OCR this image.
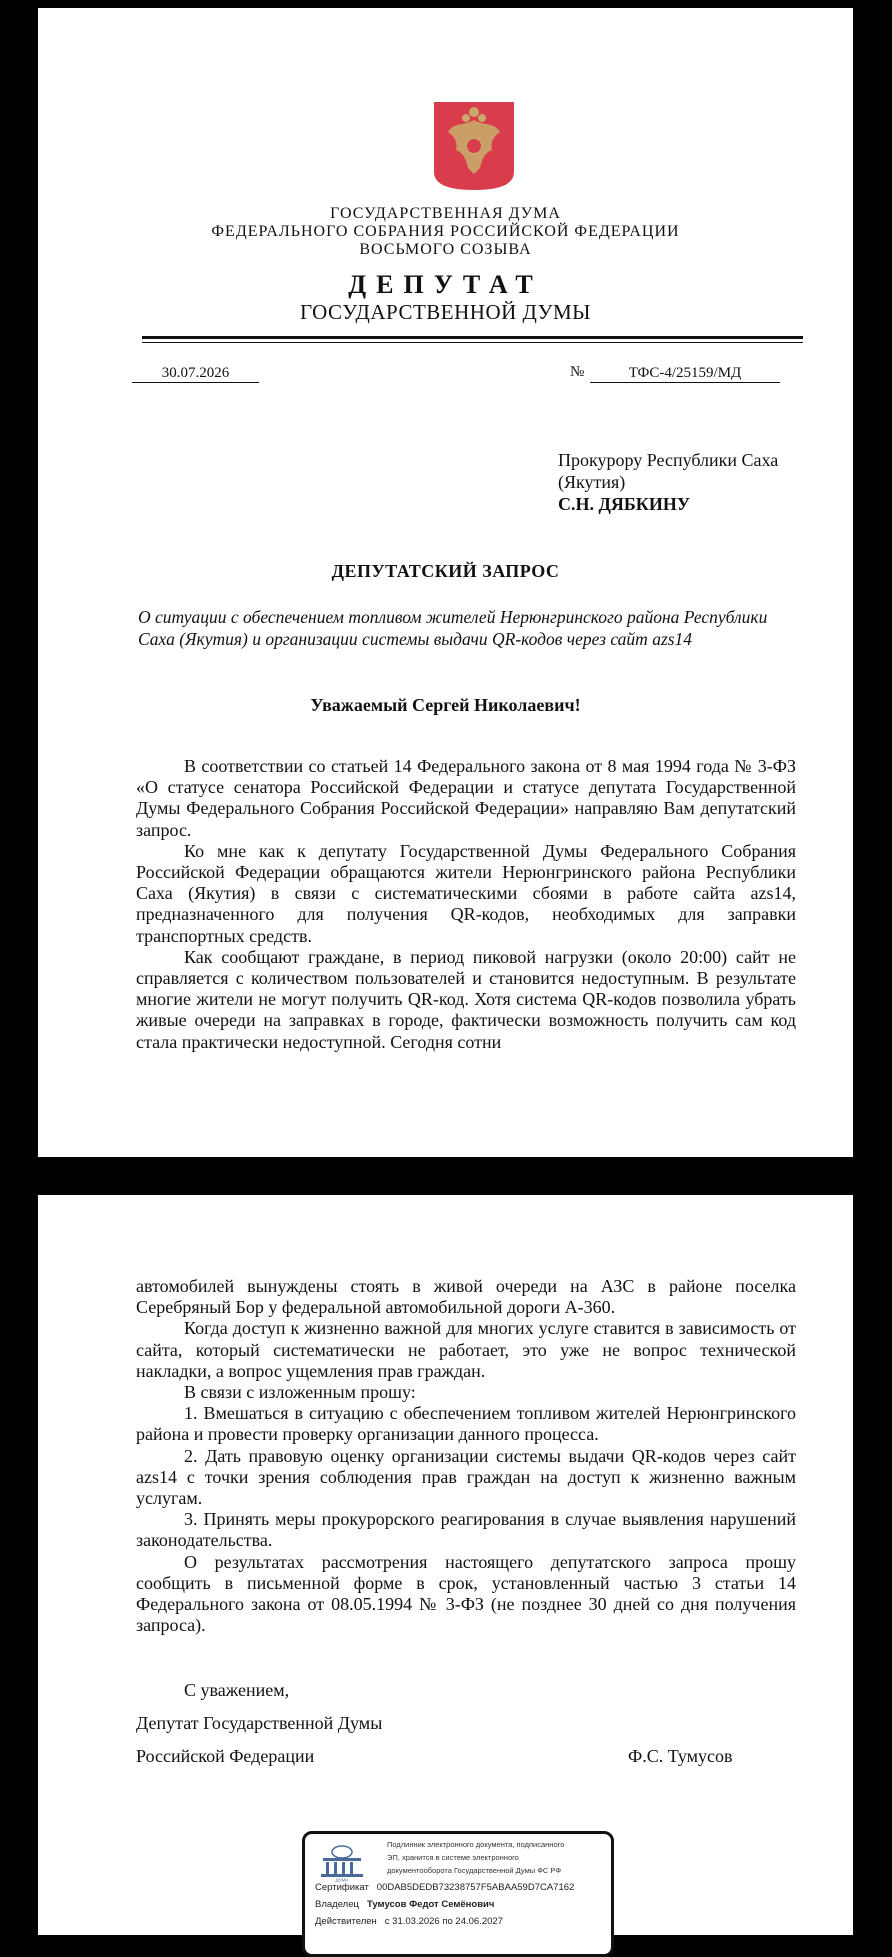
ГОСУДАРСТВЕННАЯ ДУМА
ФЕДЕРАЛЬНОГО СОБРАНИЯ РОССИЙСКОЙ ФЕДЕРАЦИИ
ВОСЬМОГО СОЗЫВА
ДЕПУТАТ
ГОСУДАРСТВЕННОЙ ДУМЫ
30.07.2026	№	ТФС-4/25159/МД
Прокурору Республики Саха
(Якутия)
С.Н. ДЯБКИНУ
ДЕПУТАТСКИЙ ЗАПРОС
О ситуации с обеспечением топливом жителей Нерюнгринского района Республики Саха (Якутия) и организации системы выдачи QR-кодов через сайт azs14
Уважаемый Сергей Николаевич!

В соответствии со статьей 14 Федерального закона от 8 мая 1994 года № 3-ФЗ «О статусе сенатора Российской Федерации и статусе депутата Государственной Думы Федерального Собрания Российской Федерации» направляю Вам депутатский запрос.

Ко мне как к депутату Государственной Думы Федерального Собрания Российской Федерации обращаются жители Нерюнгринского района Республики Саха (Якутия) в связи с систематическими сбоями в работе сайта azs14, предназначенного для получения QR-кодов, необходимых для заправки транспортных средств.

Как сообщают граждане, в период пиковой нагрузки (около 20:00) сайт не справляется с количеством пользователей и становится недоступным. В результате многие жители не могут получить QR-код. Хотя система QR-кодов позволила убрать живые очереди на заправках в городе, фактически возможность получить сам код стала практически недоступной. Сегодня сотни

автомобилей вынуждены стоять в живой очереди на АЗС в районе поселка Серебряный Бор у федеральной автомобильной дороги А-360.

Когда доступ к жизненно важной для многих услуге ставится в зависимость от сайта, который систематически не работает, это уже не вопрос технической накладки, а вопрос ущемления прав граждан.

В связи с изложенным прошу:

1. Вмешаться в ситуацию с обеспечением топливом жителей Нерюнгринского района и провести проверку организации данного процесса.

2. Дать правовую оценку организации системы выдачи QR-кодов через сайт azs14 с точки зрения соблюдения прав граждан на доступ к жизненно важным услугам.

3. Принять меры прокурорского реагирования в случае выявления нарушений законодательства.

О результатах рассмотрения настоящего депутатского запроса прошу сообщить в письменной форме в срок, установленный частью 3 статьи 14 Федерального закона от 08.05.1994 № 3-ФЗ (не позднее 30 дней со дня получения запроса).

С уважением,
Депутат Государственной Думы
Российской Федерации	Ф.С. Тумусов
ДУМА
Подлинник электронного документа, подписанного
ЭП, хранится в системе электронного
документооборота Государственной Думы ФС РФ
Сертификат 00DAB5DEDB73238757F5ABAA59D7CA7162
Владелец Тумусов Федот Семёнович
Действителен с 31.03.2026 по 24.06.2027
